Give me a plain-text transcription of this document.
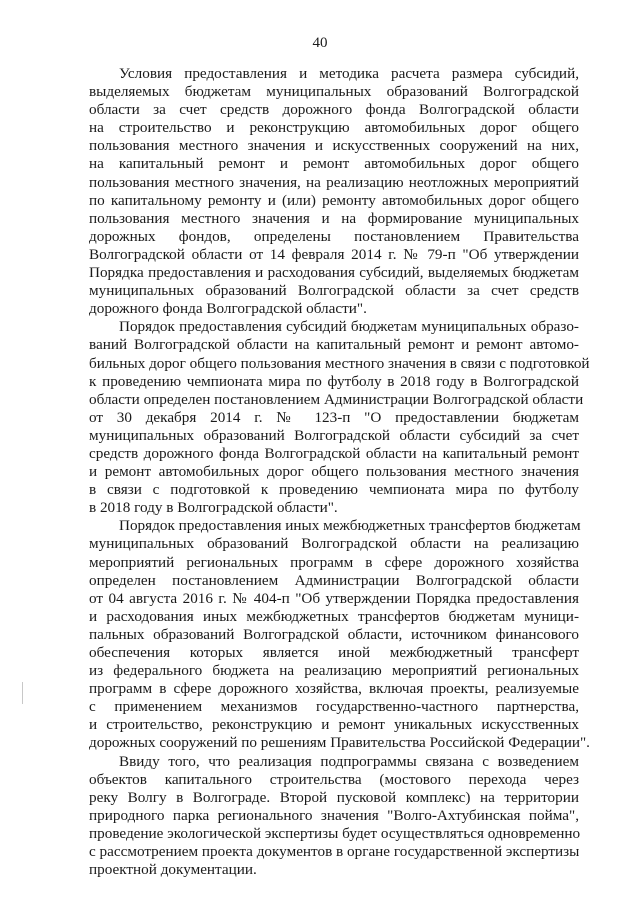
40
Условия предоставления и методика расчета размера субсидий,
выделяемых бюджетам муниципальных образований Волгоградской
области за счет средств дорожного фонда Волгоградской области
на строительство и реконструкцию автомобильных дорог общего
пользования местного значения и искусственных сооружений на них,
на капитальный ремонт и ремонт автомобильных дорог общего
пользования местного значения, на реализацию неотложных мероприятий
по капитальному ремонту и (или) ремонту автомобильных дорог общего
пользования местного значения и на формирование муниципальных
дорожных фондов, определены постановлением Правительства
Волгоградской области от 14 февраля 2014 г. № 79-п "Об утверждении
Порядка предоставления и расходования субсидий, выделяемых бюджетам
муниципальных образований Волгоградской области за счет средств
дорожного фонда Волгоградской области".
Порядок предоставления субсидий бюджетам муниципальных образо-
ваний Волгоградской области на капитальный ремонт и ремонт автомо-
бильных дорог общего пользования местного значения в связи с подготовкой
к проведению чемпионата мира по футболу в 2018 году в Волгоградской
области определен постановлением Администрации Волгоградской области
от 30 декабря 2014 г. № 123-п "О предоставлении бюджетам
муниципальных образований Волгоградской области субсидий за счет
средств дорожного фонда Волгоградской области на капитальный ремонт
и ремонт автомобильных дорог общего пользования местного значения
в связи с подготовкой к проведению чемпионата мира по футболу
в 2018 году в Волгоградской области".
Порядок предоставления иных межбюджетных трансфертов бюджетам
муниципальных образований Волгоградской области на реализацию
мероприятий региональных программ в сфере дорожного хозяйства
определен постановлением Администрации Волгоградской области
от 04 августа 2016 г. № 404-п "Об утверждении Порядка предоставления
и расходования иных межбюджетных трансфертов бюджетам муници-
пальных образований Волгоградской области, источником финансового
обеспечения которых является иной межбюджетный трансферт
из федерального бюджета на реализацию мероприятий региональных
программ в сфере дорожного хозяйства, включая проекты, реализуемые
с применением механизмов государственно-частного партнерства,
и строительство, реконструкцию и ремонт уникальных искусственных
дорожных сооружений по решениям Правительства Российской Федерации".
Ввиду того, что реализация подпрограммы связана с возведением
объектов капитального строительства (мостового перехода через
реку Волгу в Волгограде. Второй пусковой комплекс) на территории
природного парка регионального значения "Волго-Ахтубинская пойма",
проведение экологической экспертизы будет осуществляться одновременно
с рассмотрением проекта документов в органе государственной экспертизы
проектной документации.
